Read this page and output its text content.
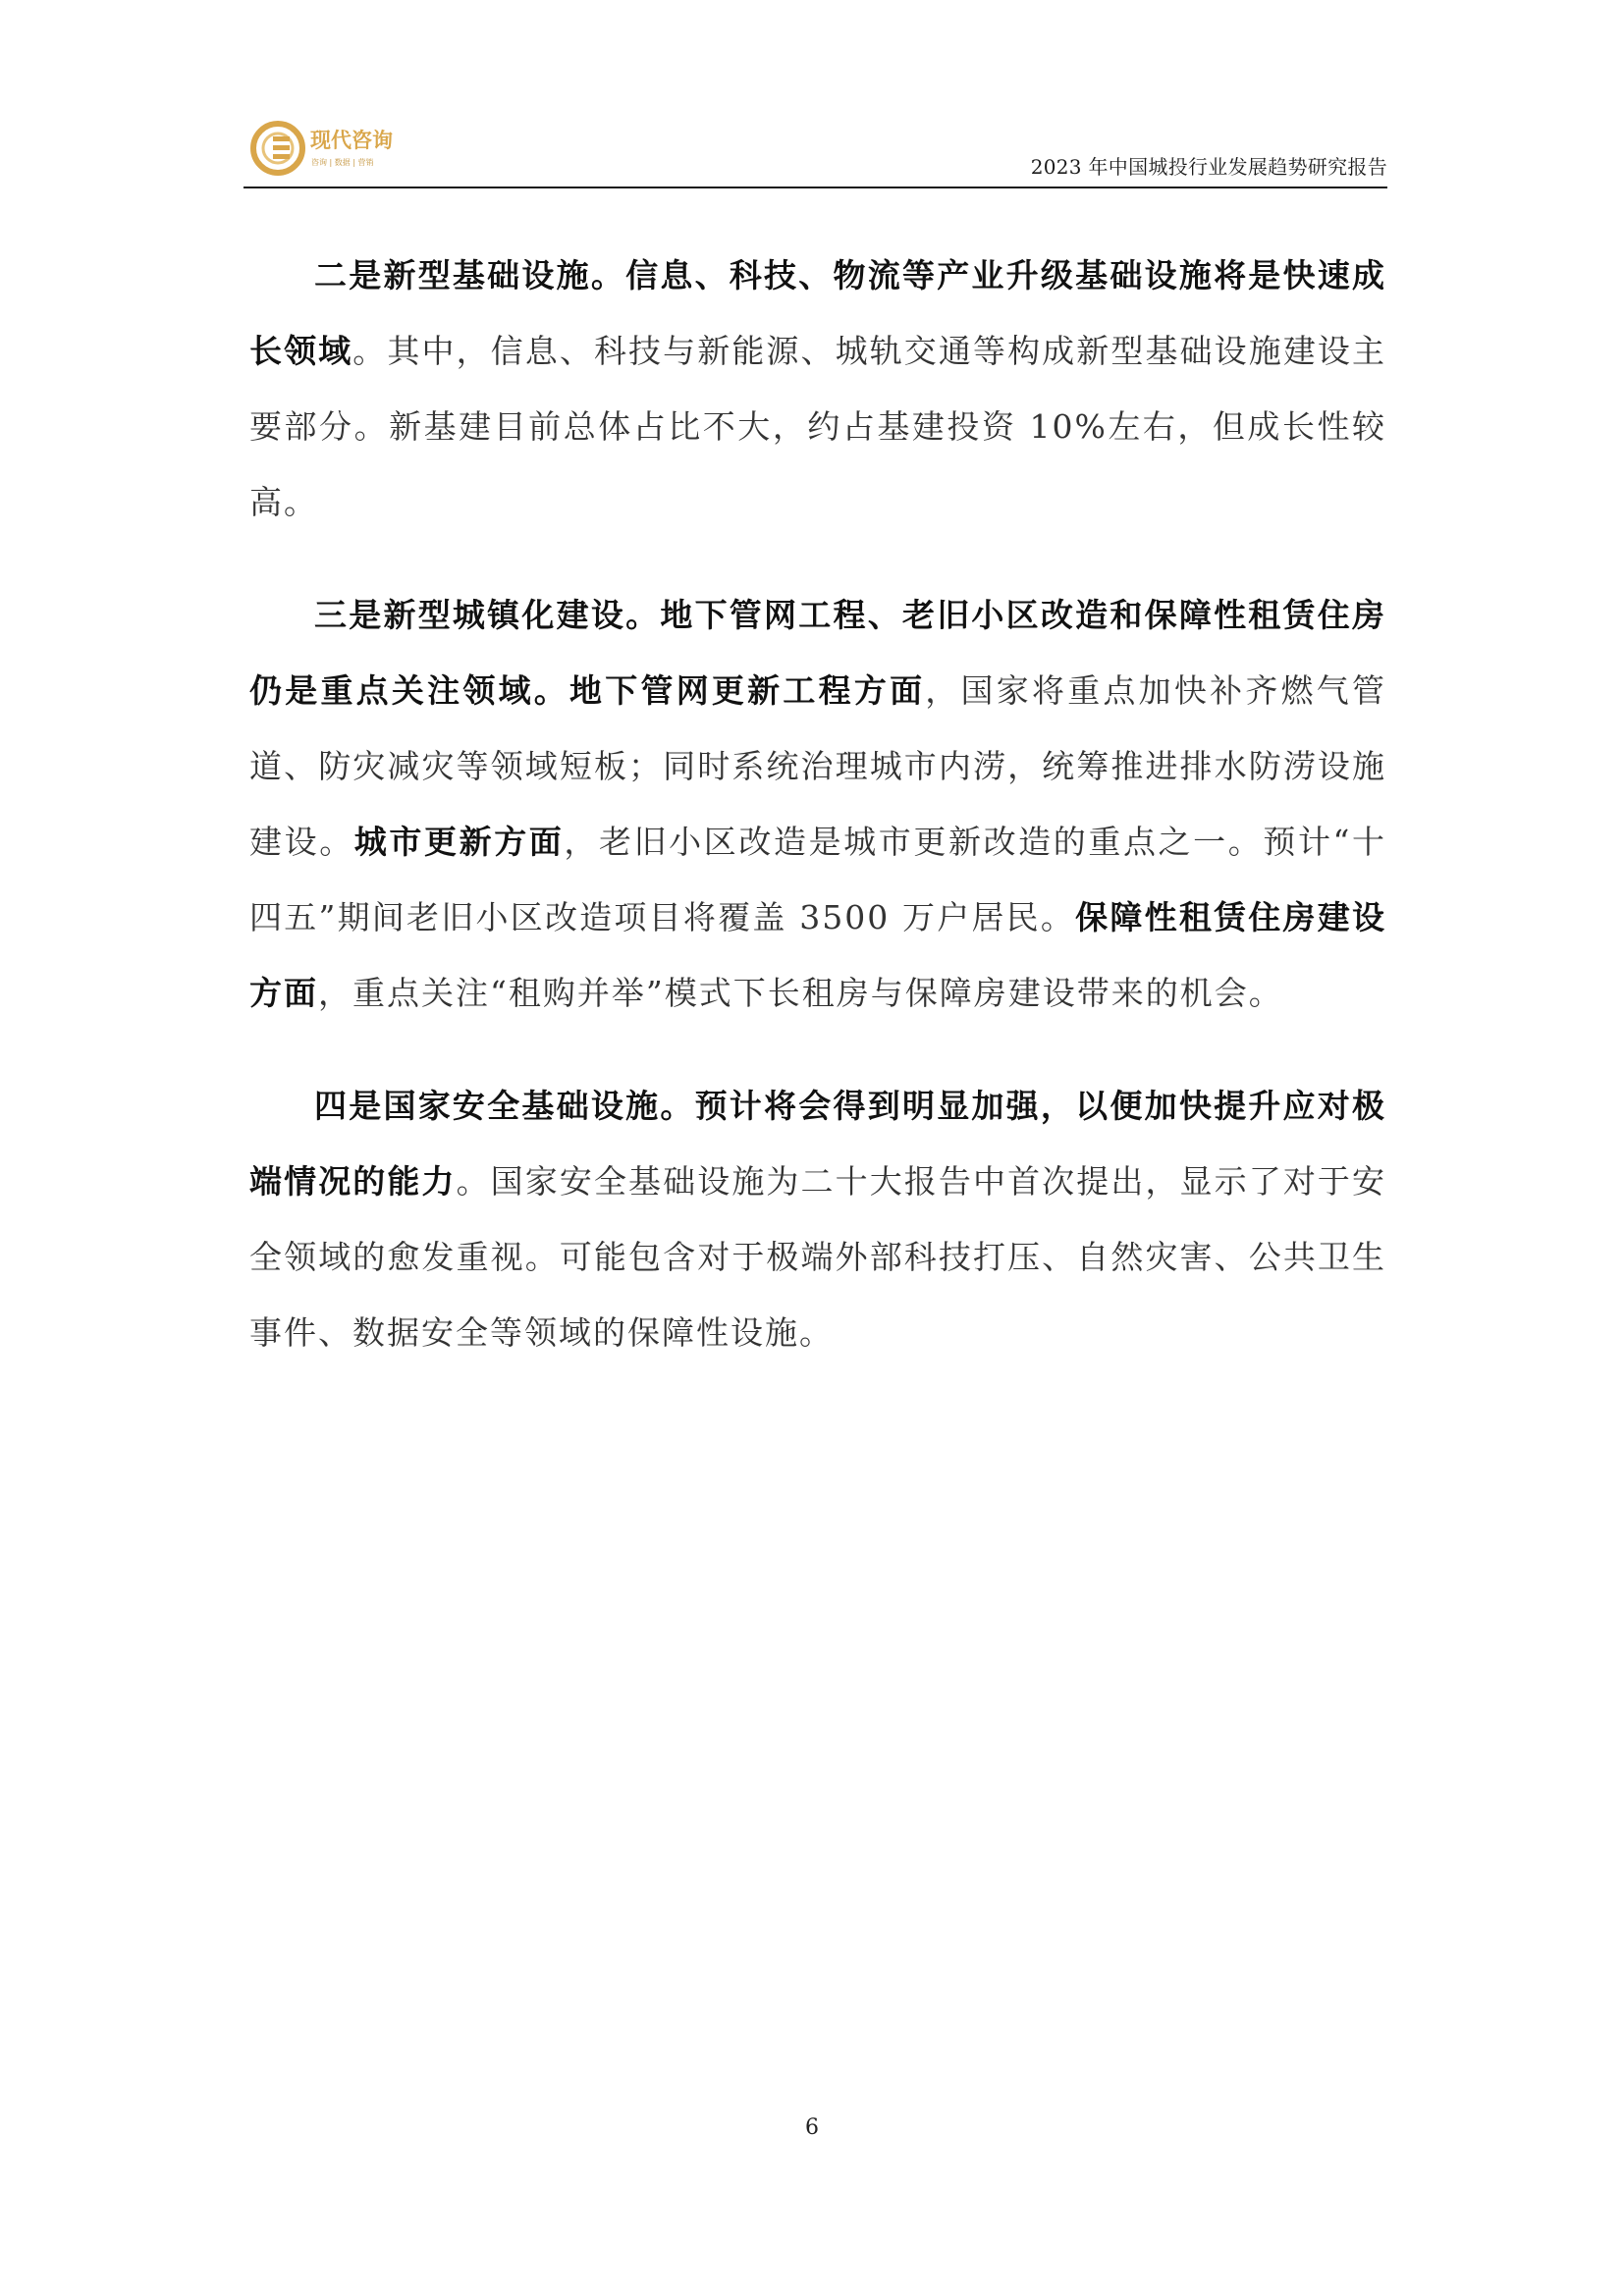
现代咨询
咨询 | 数据 | 营销	2023 年中国城投行业发展趋势研究报告

二是新型基础设施。信息、科技、物流等产业升级基础设施将是快速成长领域。其中，信息、科技与新能源、城轨交通等构成新型基础设施建设主要部分。新基建目前总体占比不大，约占基建投资 10%左右，但成长性较高。

三是新型城镇化建设。地下管网工程、老旧小区改造和保障性租赁住房仍是重点关注领域。地下管网更新工程方面，国家将重点加快补齐燃气管道、防灾减灾等领域短板；同时系统治理城市内涝，统筹推进排水防涝设施建设。城市更新方面，老旧小区改造是城市更新改造的重点之一。预计“十四五”期间老旧小区改造项目将覆盖 3500 万户居民。保障性租赁住房建设方面，重点关注“租购并举”模式下长租房与保障房建设带来的机会。

四是国家安全基础设施。预计将会得到明显加强，以便加快提升应对极端情况的能力。国家安全基础设施为二十大报告中首次提出，显示了对于安全领域的愈发重视。可能包含对于极端外部科技打压、自然灾害、公共卫生事件、数据安全等领域的保障性设施。

6
